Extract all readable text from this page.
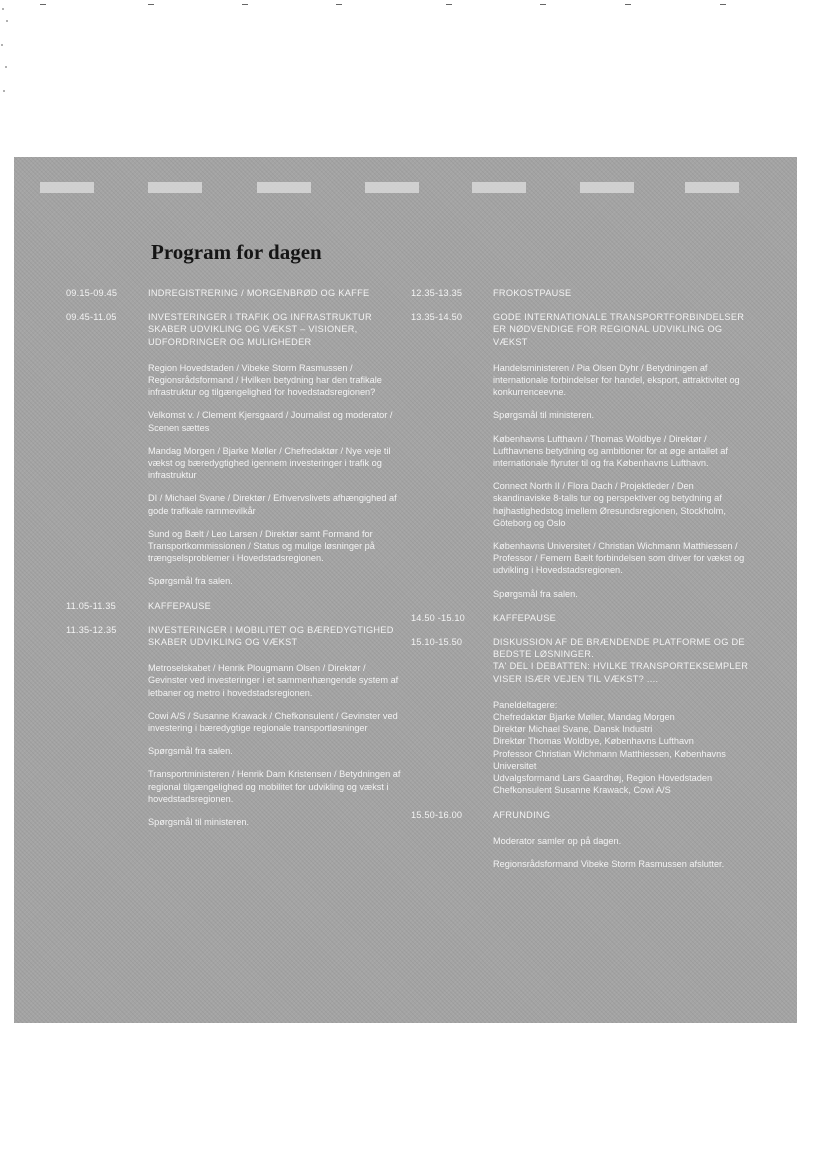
Program for dagen
09.15-09.45	INDREGISTRERING / MORGENBRØD OG KAFFE
09.45-11.05	INVESTERINGER I TRAFIK OG INFRASTRUKTUR SKABER UDVIKLING OG VÆKST – VISIONER, UDFORDRINGER OG MULIGHEDER
Region Hovedstaden / Vibeke Storm Rasmussen / Regionsrådsformand / Hvilken betydning har den trafikale infrastruktur og tilgængelighed for hovedstadsregionen?
Velkomst v. / Clement Kjersgaard / Journalist og moderator / Scenen sættes
Mandag Morgen / Bjarke Møller / Chefredaktør / Nye veje til vækst og bæredygtighed igennem investeringer i trafik og infrastruktur
DI / Michael Svane / Direktør / Erhvervslivets afhængighed af gode trafikale rammevilkår
Sund og Bælt / Leo Larsen / Direktør samt Formand for Transportkommissionen / Status og mulige løsninger på trængselsproblemer i Hovedstadsregionen.
Spørgsmål fra salen.
11.05-11.35	KAFFEPAUSE
11.35-12.35	INVESTERINGER I MOBILITET OG BÆREDYGTIGHED SKABER UDVIKLING OG VÆKST
Metroselskabet / Henrik Plougmann Olsen / Direktør / Gevinster ved investeringer i et sammenhængende system af letbaner og metro i hovedstadsregionen.
Cowi A/S / Susanne Krawack / Chefkonsulent / Gevinster ved investering i bæredygtige regionale transportløsninger
Spørgsmål fra salen.
Transportministeren / Henrik Dam Kristensen / Betydningen af regional tilgængelighed og mobilitet for udvikling og vækst i hovedstadsregionen.
Spørgsmål til ministeren.
12.35-13.35	FROKOSTPAUSE
13.35-14.50	GODE INTERNATIONALE TRANSPORTFORBINDELSER ER NØDVENDIGE FOR REGIONAL UDVIKLING OG VÆKST
Handelsministeren / Pia Olsen Dyhr / Betydningen af internationale forbindelser for handel, eksport, attraktivitet og konkurrenceevne.
Spørgsmål til ministeren.
Københavns Lufthavn / Thomas Woldbye / Direktør / Lufthavnens betydning og ambitioner for at øge antallet af internationale flyruter til og fra Københavns Lufthavn.
Connect North II / Flora Dach / Projektleder / Den skandinaviske 8-talls tur og perspektiver og betydning af højhastighedstog imellem Øresundsregionen, Stockholm, Göteborg og Oslo
Københavns Universitet / Christian Wichmann Matthiessen / Professor / Femern Bælt forbindelsen som driver for vækst og udvikling i Hovedstadsregionen.
Spørgsmål fra salen.
14.50 -15.10	KAFFEPAUSE
15.10-15.50	DISKUSSION AF DE BRÆNDENDE PLATFORME OG DE BEDSTE LØSNINGER.
TA' DEL I DEBATTEN: HVILKE TRANSPORTEKSEMPLER VISER ISÆR VEJEN TIL VÆKST? ....
Paneldeltagere:
Chefredaktør Bjarke Møller, Mandag Morgen
Direktør Michael Svane, Dansk Industri
Direktør Thomas Woldbye, Københavns Lufthavn
Professor Christian Wichmann Matthiessen, Københavns Universitet
Udvalgsformand Lars Gaardhøj, Region Hovedstaden
Chefkonsulent Susanne Krawack, Cowi A/S
15.50-16.00	AFRUNDING
Moderator samler op på dagen.
Regionsrådsformand Vibeke Storm Rasmussen afslutter.
